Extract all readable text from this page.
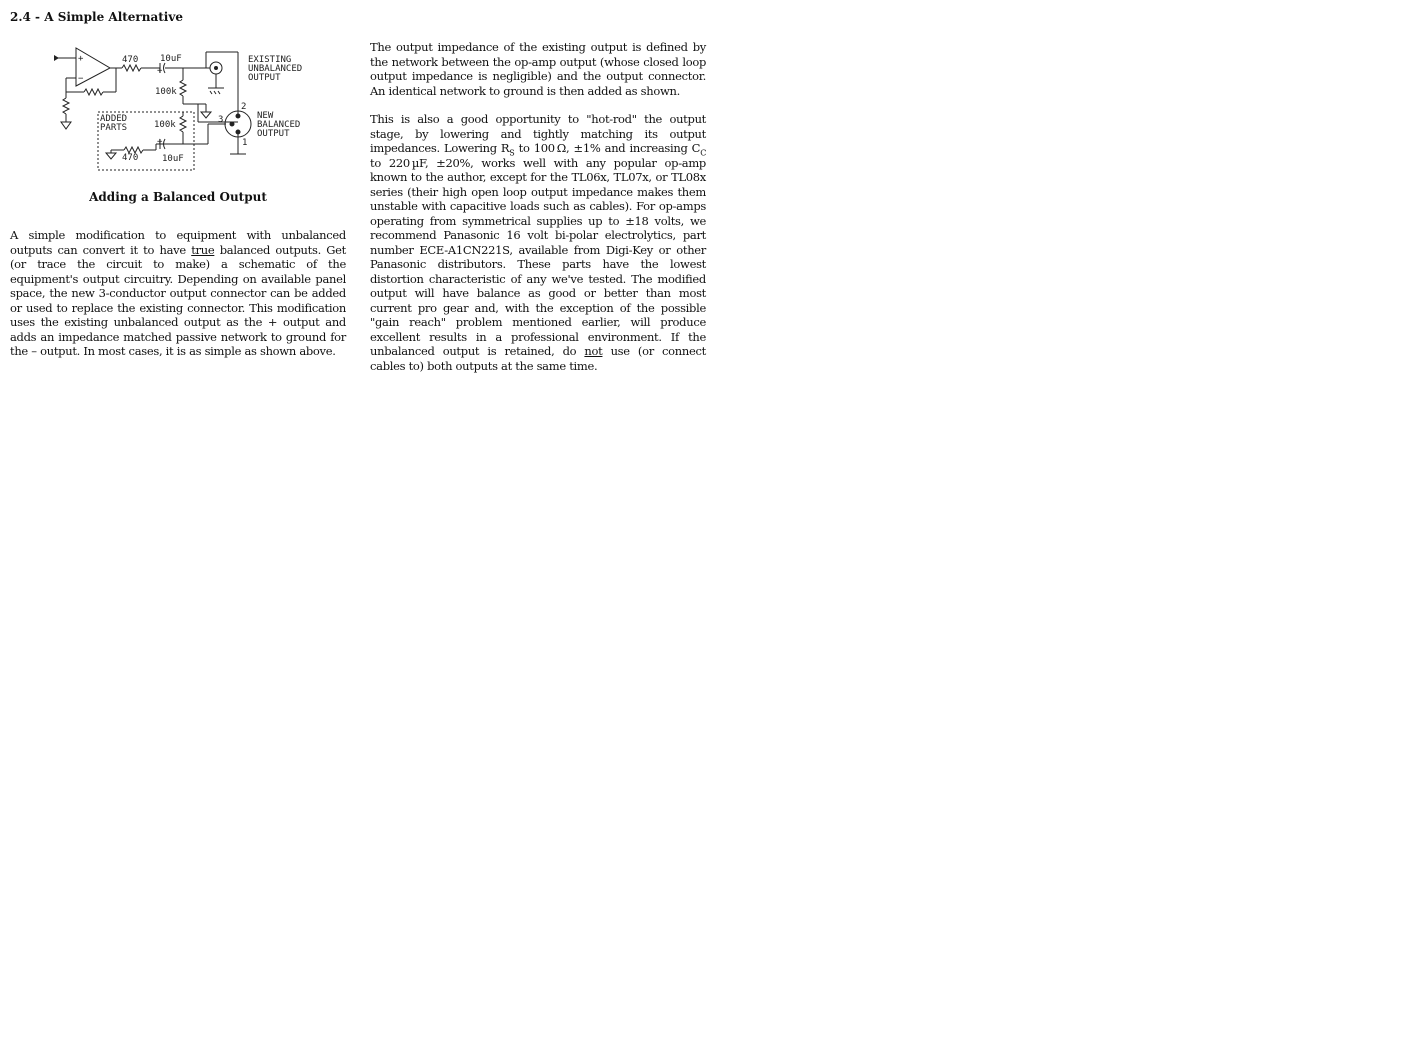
2.4 - A Simple Alternative
470 10uF
+
+
−
100k
EXISTING
UNBALANCED
OUTPUT
ADDED
PARTS	100k
+
470	10uF
2
3
1
NEW
BALANCED
OUTPUT

Adding a Balanced Output

A simple modification to equipment with unbalanced outputs can convert it to have true balanced outputs. Get (or trace the circuit to make) a schematic of the equipment's output circuitry. Depending on available panel space, the new 3-conductor output connector can be added or used to replace the existing connector. This modification uses the existing unbalanced output as the + output and adds an impedance matched passive network to ground for the – output. In most cases, it is as simple as shown above.

The output impedance of the existing output is defined by the network between the op-amp output (whose closed loop output impedance is negligible) and the output connector. An identical network to ground is then added as shown.

This is also a good opportunity to "hot-rod" the output stage, by lowering and tightly matching its output impedances. Lowering $R_S$ to 100 Ω, ±1% and increasing $C_C$ to 220 µF, ±20%, works well with any popular op-amp known to the author, except for the TL06x, TL07x, or TL08x series (their high open loop output impedance makes them unstable with capacitive loads such as cables). For op-amps operating from symmetrical supplies up to ±18 volts, we recommend Panasonic 16 volt bi-polar electrolytics, part number ECE-A1CN221S, available from Digi-Key or other Panasonic distributors. These parts have the lowest distortion characteristic of any we've tested. The modified output will have balance as good or better than most current pro gear and, with the exception of the possible "gain reach" problem mentioned earlier, will produce excellent results in a professional environment. If the unbalanced output is retained, do not use (or connect cables to) both outputs at the same time.
